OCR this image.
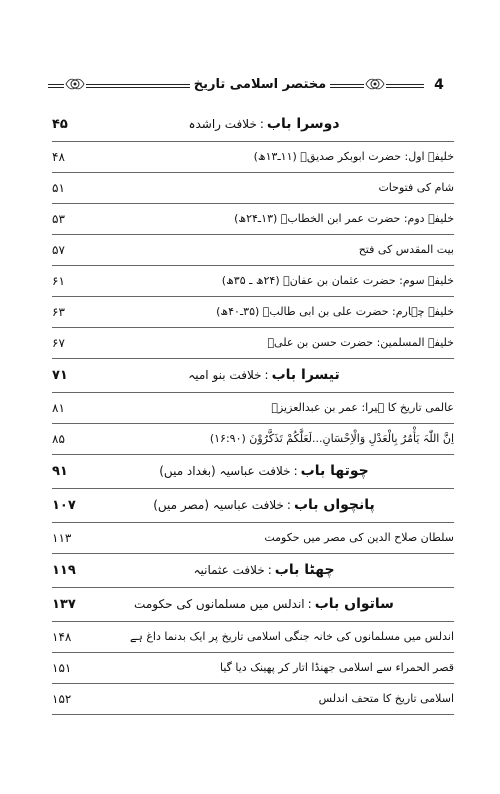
مختصر اسلامی تاریخ	4
دوسرا باب:خلافت راشدہ
۴۵
خلیفۂ اول: حضرت ابوبکر صدیقؓ (۱۱ـ۱۳ھ)
۴۸
شام کی فتوحات
۵۱
خلیفۂ دوم: حضرت عمر ابن الخطابؓ (۱۳ـ۲۴ھ)
۵۳
بیت المقدس کی فتح
۵۷
خلیفۂ سوم: حضرت عثمان بن عفانؓ (۲۴ھ ـ ۳۵ھ)
۶۱
خلیفۂ چہارم: حضرت علی بن ابی طالبؓ (۳۵ـ۴۰ھ)
۶۳
خلیفۃ المسلمین: حضرت حسن بن علیؓ
۶۷
تیسرا باب:خلافت بنو امیہ
۷۱
عالمی تاریخ کا ہیرا: عمر بن عبدالعزیزؒ
۸۱
اِنَّ اللّٰہَ یَأْمُرُ بِالْعَدْلِ وَالْاِحْسَانِ...لَعَلَّکُمْ تَذَکَّرُوْنَ (۱۶:۹۰)
۸۵
چوتھا باب:خلافت عباسیہ (بغداد میں)
۹۱
پانچواں باب:خلافت عباسیہ (مصر میں)
۱۰۷
سلطان صلاح الدین کی مصر میں حکومت
۱۱۳
چھٹا باب:خلافت عثمانیہ
۱۱۹
ساتواں باب:اندلس میں مسلمانوں کی حکومت
۱۳۷
اندلس میں مسلمانوں کی خانہ جنگی اسلامی تاریخ پر ایک بدنما داغ ہے
۱۴۸
قصر الحمراء سے اسلامی جھنڈا اتار کر پھینک دیا گیا
۱۵۱
اسلامی تاریخ کا متحف اندلس
۱۵۲
